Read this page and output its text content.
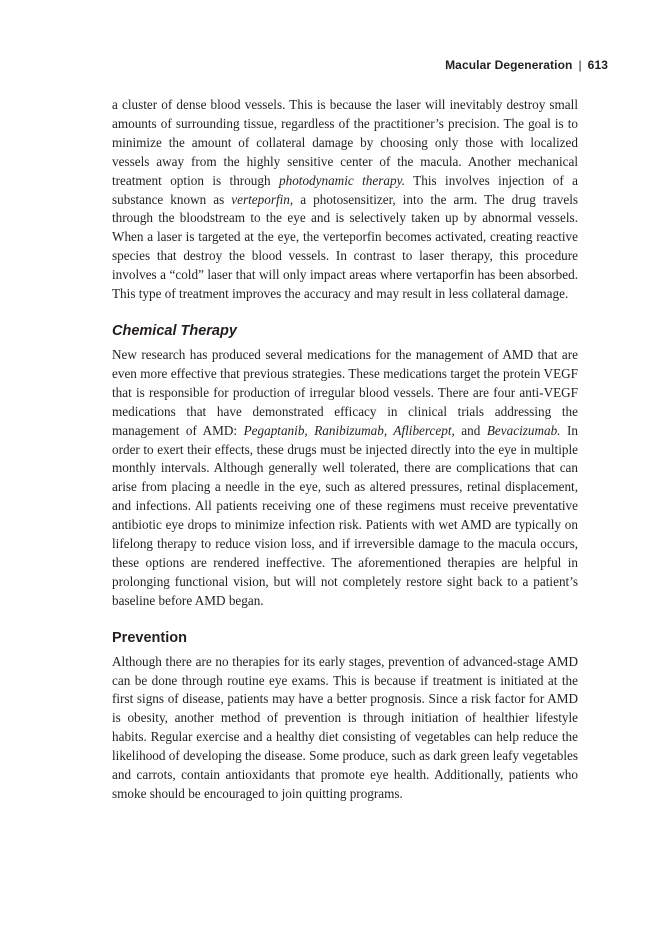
Macular Degeneration | 613

a cluster of dense blood vessels. This is because the laser will inevitably destroy small amounts of surrounding tissue, regardless of the practitioner’s precision. The goal is to minimize the amount of collateral damage by choosing only those with localized vessels away from the highly sensitive center of the macula. Another mechanical treatment option is through photodynamic therapy. This involves injection of a substance known as verteporfin, a photosensitizer, into the arm. The drug travels through the bloodstream to the eye and is selectively taken up by abnormal vessels. When a laser is targeted at the eye, the verteporfin becomes activated, creating reactive species that destroy the blood vessels. In contrast to laser therapy, this procedure involves a “cold” laser that will only impact areas where vertaporfin has been absorbed. This type of treatment improves the accuracy and may result in less collateral damage.

Chemical Therapy

New research has produced several medications for the management of AMD that are even more effective that previous strategies. These medications target the protein VEGF that is responsible for production of irregular blood vessels. There are four anti-VEGF medications that have demonstrated efficacy in clinical trials addressing the management of AMD: Pegaptanib, Ranibizumab, Aflibercept, and Bevacizumab. In order to exert their effects, these drugs must be injected directly into the eye in multiple monthly intervals. Although generally well tolerated, there are complications that can arise from placing a needle in the eye, such as altered pressures, retinal displacement, and infections. All patients receiving one of these regimens must receive preventative antibiotic eye drops to minimize infection risk. Patients with wet AMD are typically on lifelong therapy to reduce vision loss, and if irreversible damage to the macula occurs, these options are rendered ineffective. The aforementioned therapies are helpful in prolonging functional vision, but will not completely restore sight back to a patient’s baseline before AMD began.

Prevention

Although there are no therapies for its early stages, prevention of advanced-stage AMD can be done through routine eye exams. This is because if treatment is initiated at the first signs of disease, patients may have a better prognosis. Since a risk factor for AMD is obesity, another method of prevention is through initiation of healthier lifestyle habits. Regular exercise and a healthy diet consisting of vegetables can help reduce the likelihood of developing the disease. Some produce, such as dark green leafy vegetables and carrots, contain antioxidants that promote eye health. Additionally, patients who smoke should be encouraged to join quitting programs.
